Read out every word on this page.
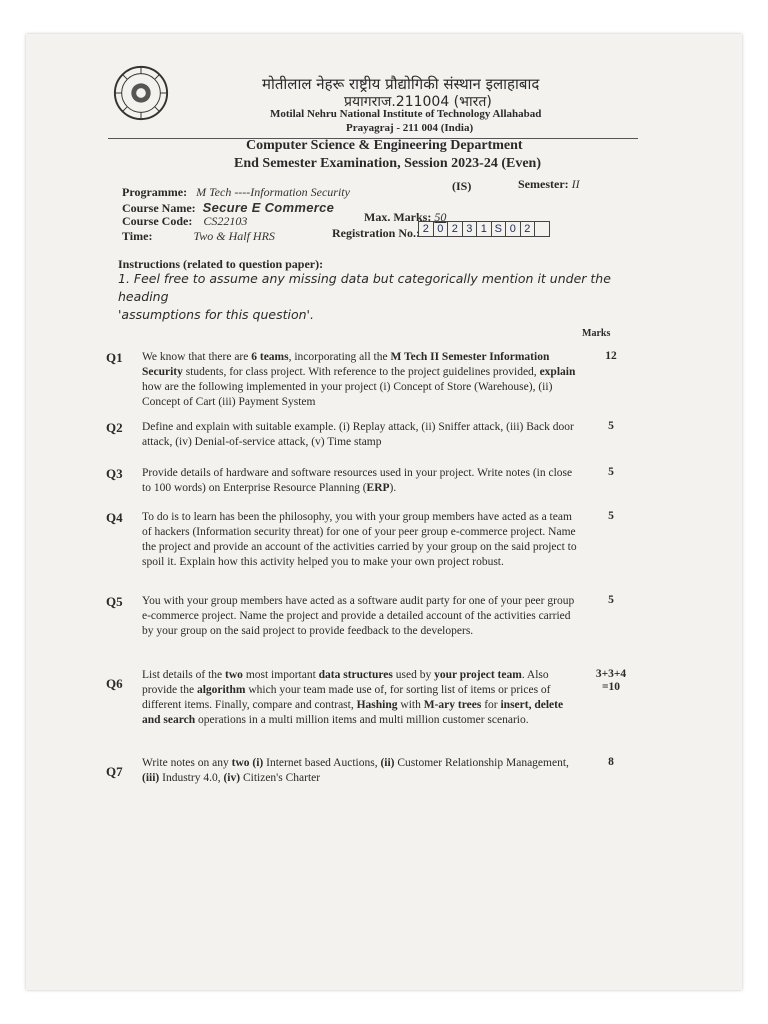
मोतीलाल नेहरू राष्ट्रीय प्रौद्योगिकी संस्थान इलाहाबाद
प्रयागराज.211004 (भारत)
Motilal Nehru National Institute of Technology Allahabad
Prayagraj - 211 004 (India)
Computer Science & Engineering Department
End Semester Examination, Session 2023-24 (Even)
Programme: M Tech ----Information Security	(IS)	Semester: II
Course Name: Secure E Commerce
Course Code: CS22103	Max. Marks: 50
Time:	Two & Half HRS	Registration No.: 2 0 2 3 1 S 0 2
Instructions (related to question paper):
1. Feel free to assume any missing data but categorically mention it under the heading
'assumptions for this question'.
Marks
Q1 We know that there are 6 teams, incorporating all the M Tech II Semester Information Security students, for class project. With reference to the project guidelines provided, explain how are the following implemented in your project (i) Concept of Store (Warehouse), (ii) Concept of Cart (iii) Payment System
12
Q2 Define and explain with suitable example. (i) Replay attack, (ii) Sniffer attack, (iii) Back door attack, (iv) Denial-of-service attack, (v) Time stamp
5
Q3 Provide details of hardware and software resources used in your project. Write notes (in close to 100 words) on Enterprise Resource Planning (ERP).
5
Q4 To do is to learn has been the philosophy, you with your group members have acted as a team of hackers (Information security threat) for one of your peer group e-commerce project. Name the project and provide an account of the activities carried by your group on the said project to spoil it. Explain how this activity helped you to make your own project robust.
5
Q5 You with your group members have acted as a software audit party for one of your peer group e-commerce project. Name the project and provide a detailed account of the activities carried by your group on the said project to provide feedback to the developers.
5
Q6
List details of the two most important data structures used by your project team. Also provide the algorithm which your team made use of, for sorting list of items or prices of different items. Finally, compare and contrast, Hashing with M-ary trees for insert, delete and search operations in a multi million items and multi million customer scenario.
3+3+4
=10
Q7
Write notes on any two (i) Internet based Auctions, (ii) Customer Relationship Management, (iii) Industry 4.0, (iv) Citizen's Charter
8
